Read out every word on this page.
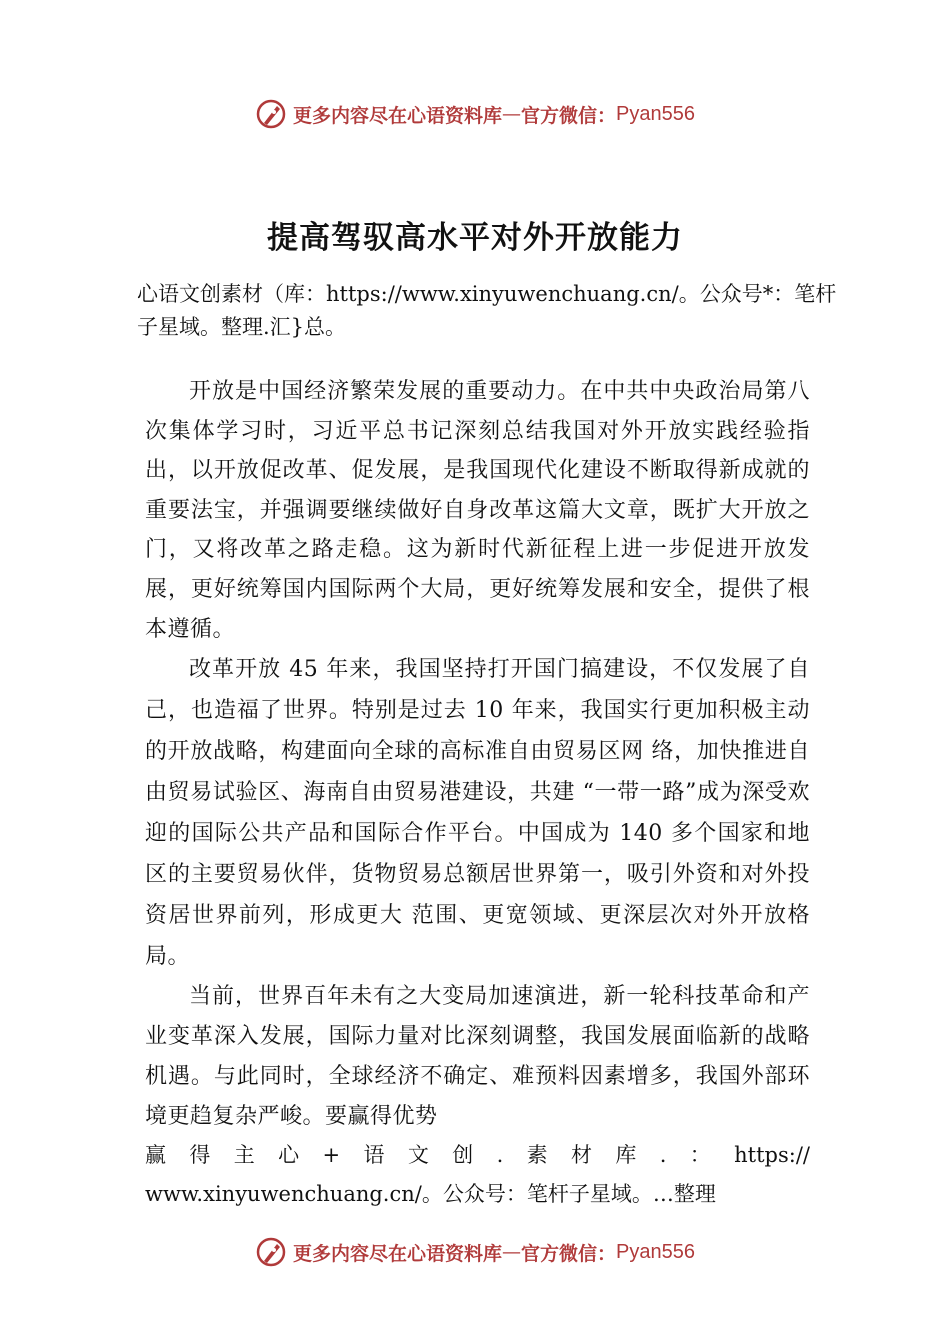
更多内容尽在心语资料库 — 官方微信： Pyan556
提高驾驭高水平对外开放能力

心语文创素材（库：https://www.xinyuwenchuang.cn/。公众号*：笔杆子星域。整理.汇}总。

开放是中国经济繁荣发展的重要动力。在中共中央政治局第八次集体学习时，习近平总书记深刻总结我国对外开放实践经验指出，以开放促改革、促发展，是我国现代化建设不断取得新成就的重要法宝，并强调要继续做好自身改革这篇大文章，既扩大开放之门，又将改革之路走稳。这为新时代新征程上进一步促进开放发展，更好统筹国内国际两个大局，更好统筹发展和安全，提供了根本遵循。

改革开放 45 年来，我国坚持打开国门搞建设，不仅发展了自己，也造福了世界。特别是过去 10 年来，我国实行更加积极主动的开放战略，构建面向全球的高标准自由贸易区网 络，加快推进自由贸易试验区、海南自由贸易港建设，共建 “一带一路”成为深受欢迎的国际公共产品和国际合作平台。中国成为 140 多个国家和地区的主要贸易伙伴，货物贸易总额居世界第一，吸引外资和对外投资居世界前列，形成更大 范围、更宽领域、更深层次对外开放格局。

当前，世界百年未有之大变局加速演进，新一轮科技革命和产业变革深入发展，国际力量对比深刻调整，我国发展面临新的战略机遇。与此同时，全球经济不确定、难预料因素增多，我国外部环境更趋复杂严峻。要赢得优势

赢得主心+语文创.素材库.：https://

www.xinyuwenchuang.cn/。公众号：笔杆子星域。…整理

更多内容尽在心语资料库 — 官方微信： Pyan556
